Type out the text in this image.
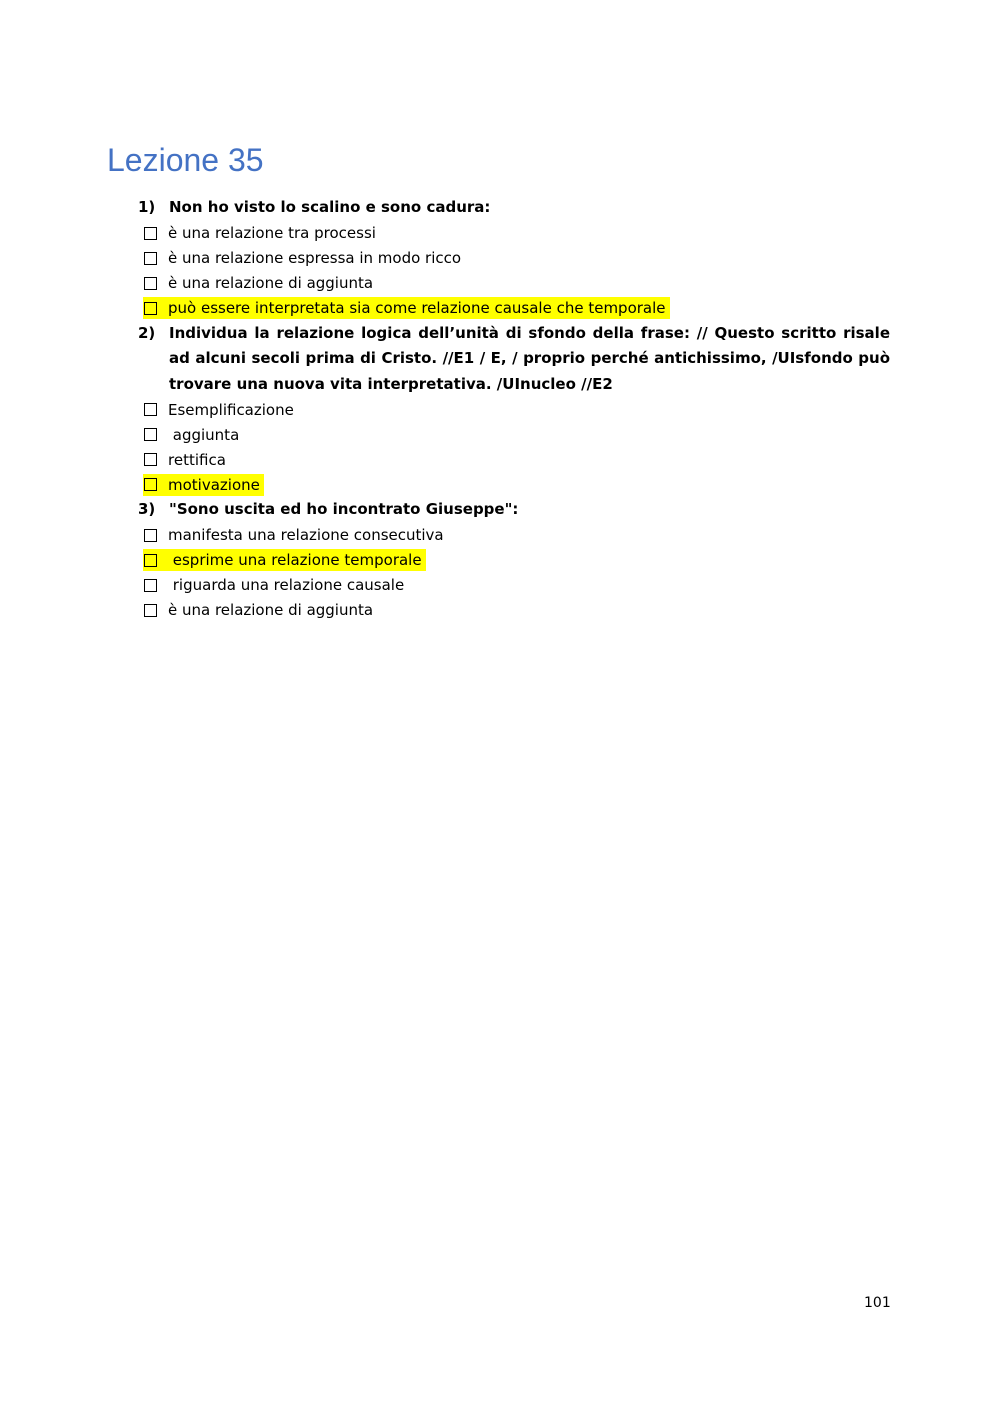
Lezione 35
1) Non ho visto lo scalino e sono cadura:
è una relazione tra processi
è una relazione espressa in modo ricco
è una relazione di aggiunta
può essere interpretata sia come relazione causale che temporale
2) Individua la relazione logica dell’unità di sfondo della frase: // Questo scritto risale ad alcuni secoli prima di Cristo. //E1 / E, / proprio perché antichissimo, /UIsfondo può trovare una nuova vita interpretativa. /UInucleo //E2
Esemplificazione
aggiunta
rettifica
motivazione
3) "Sono uscita ed ho incontrato Giuseppe":
manifesta una relazione consecutiva
esprime una relazione temporale
riguarda una relazione causale
è una relazione di aggiunta
101
